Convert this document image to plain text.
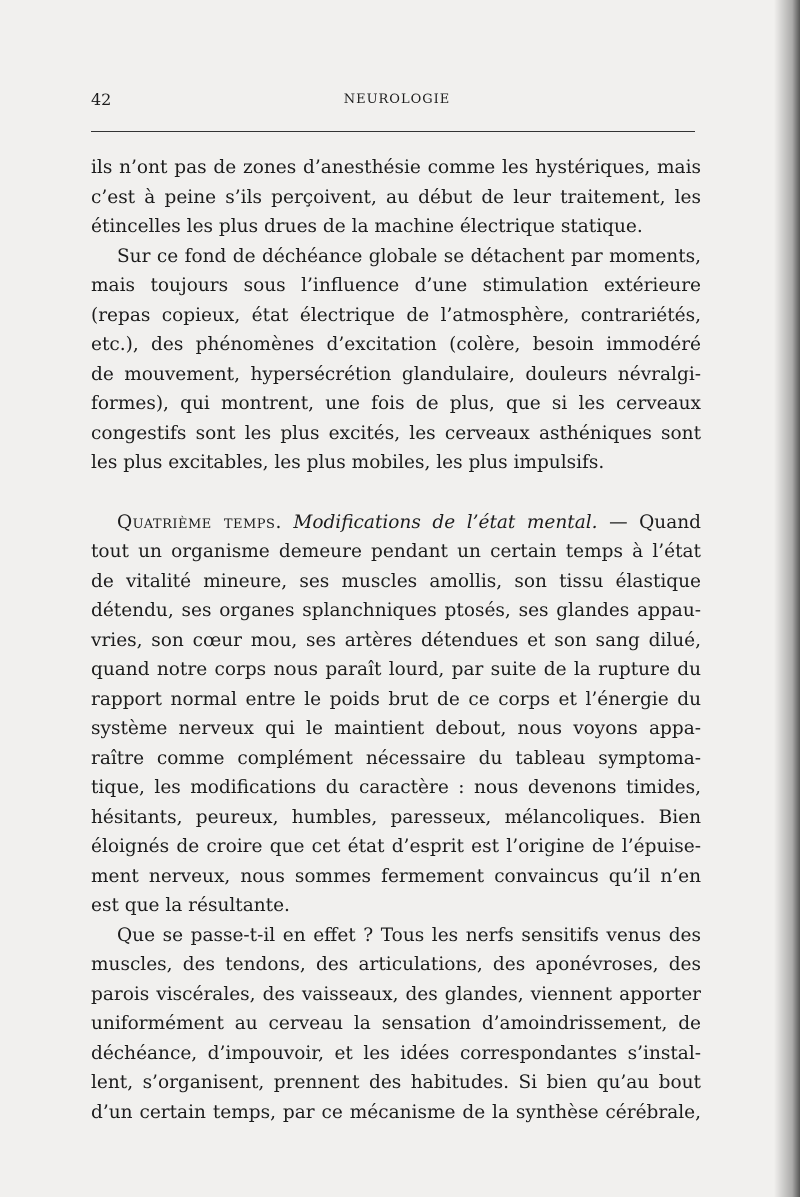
42	NEUROLOGIE
ils n’ont pas de zones d’anesthésie comme les hystériques, mais
c’est à peine s’ils perçoivent, au début de leur traitement, les
étincelles les plus drues de la machine électrique statique.
Sur ce fond de déchéance globale se détachent par moments,
mais toujours sous l’influence d’une stimulation extérieure
(repas copieux, état électrique de l’atmosphère, contrariétés,
etc.), des phénomènes d’excitation (colère, besoin immodéré
de mouvement, hypersécrétion glandulaire, douleurs névralgi-
formes), qui montrent, une fois de plus, que si les cerveaux
congestifs sont les plus excités, les cerveaux asthéniques sont
les plus excitables, les plus mobiles, les plus impulsifs.
Quatrième temps. Modifications de l’état mental. — Quand
tout un organisme demeure pendant un certain temps à l’état
de vitalité mineure, ses muscles amollis, son tissu élastique
détendu, ses organes splanchniques ptosés, ses glandes appau-
vries, son cœur mou, ses artères détendues et son sang dilué,
quand notre corps nous paraît lourd, par suite de la rupture du
rapport normal entre le poids brut de ce corps et l’énergie du
système nerveux qui le maintient debout, nous voyons appa-
raître comme complément nécessaire du tableau symptoma-
tique, les modifications du caractère : nous devenons timides,
hésitants, peureux, humbles, paresseux, mélancoliques. Bien
éloignés de croire que cet état d’esprit est l’origine de l’épuise-
ment nerveux, nous sommes fermement convaincus qu’il n’en
est que la résultante.
Que se passe-t-il en effet ? Tous les nerfs sensitifs venus des
muscles, des tendons, des articulations, des aponévroses, des
parois viscérales, des vaisseaux, des glandes, viennent apporter
uniformément au cerveau la sensation d’amoindrissement, de
déchéance, d’impouvoir, et les idées correspondantes s’instal-
lent, s’organisent, prennent des habitudes. Si bien qu’au bout
d’un certain temps, par ce mécanisme de la synthèse cérébrale,
